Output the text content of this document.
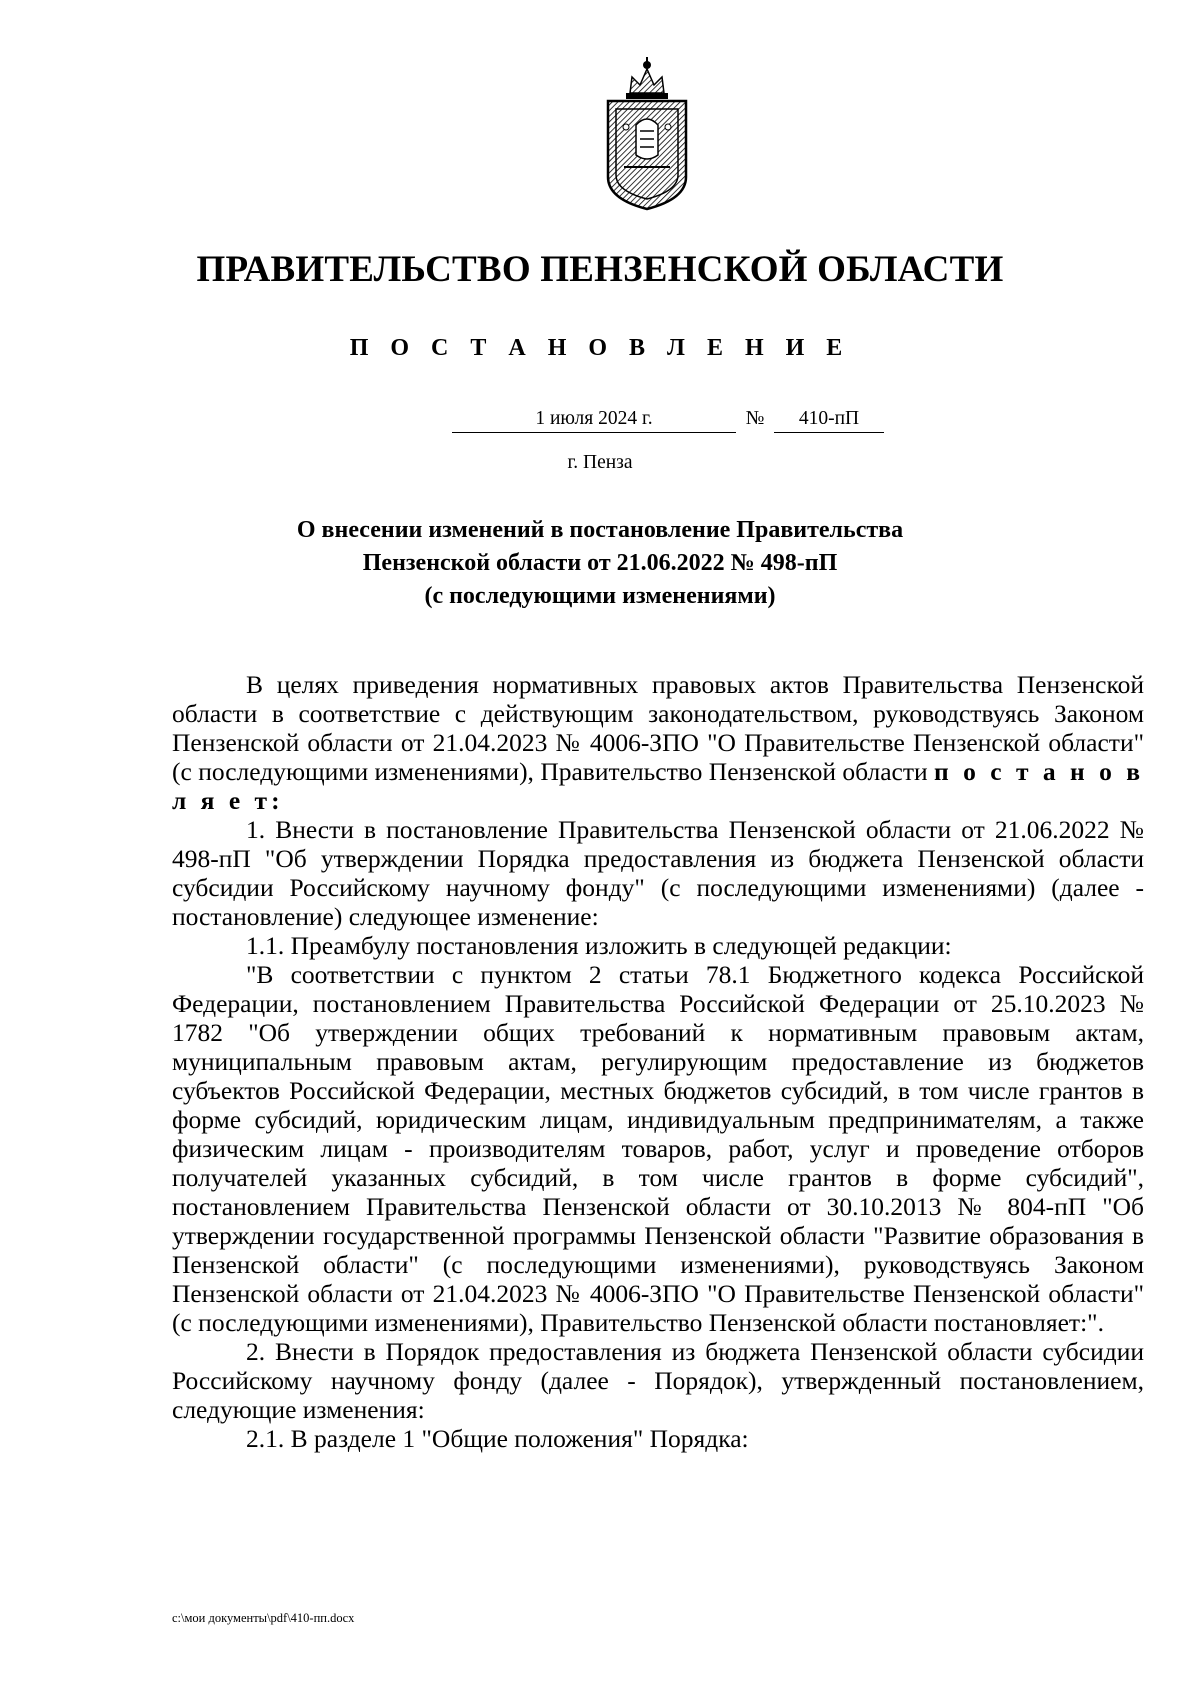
ПРАВИТЕЛЬСТВО ПЕНЗЕНСКОЙ ОБЛАСТИ
П О С Т А Н О В Л Е Н И Е
1 июля 2024 г.	№	410-пП
г. Пенза
О внесении изменений в постановление Правительства
Пензенской области от 21.06.2022 № 498-пП
(с последующими изменениями)

В целях приведения нормативных правовых актов Правительства Пензенской области в соответствие с действующим законодательством, руководствуясь Законом Пензенской области от 21.04.2023 № 4006-ЗПО "О Правительстве Пензенской области"(с последующими изменениями), Правительство Пензенской области п о с т а н о в л я е т:

1. Внести в постановление Правительства Пензенской области от 21.06.2022 № 498-пП "Об утверждении Порядка предоставления из бюджета Пензенской области субсидии Российскому научному фонду" (с последующими изменениями) (далее - постановление) следующее изменение:

1.1. Преамбулу постановления изложить в следующей редакции:

"В соответствии с пунктом 2 статьи 78.1 Бюджетного кодекса Российской Федерации, постановлением Правительства Российской Федерации от 25.10.2023 № 1782 "Об утверждении общих требований к нормативным правовым актам, муниципальным правовым актам, регулирующим предоставление из бюджетов субъектов Российской Федерации, местных бюджетов субсидий, в том числе грантов в форме субсидий, юридическим лицам, индивидуальным предпринимателям, а также физическим лицам - производителям товаров, работ, услуг и проведение отборов получателей указанных субсидий, в том числе грантов в форме субсидий", постановлением Правительства Пензенской области от 30.10.2013 № 804-пП "Об утверждении государственной программы Пензенской области "Развитие образования в Пензенской области" (с последующими изменениями), руководствуясь Законом Пензенской области от 21.04.2023 № 4006-ЗПО "О Правительстве Пензенской области" (с последующими изменениями), Правительство Пензенской области постановляет:".

2. Внести в Порядок предоставления из бюджета Пензенской области субсидии Российскому научному фонду (далее - Порядок), утвержденный постановлением, следующие изменения:

2.1. В разделе 1 "Общие положения" Порядка:

c:\мои документы\pdf\410-пп.docx
